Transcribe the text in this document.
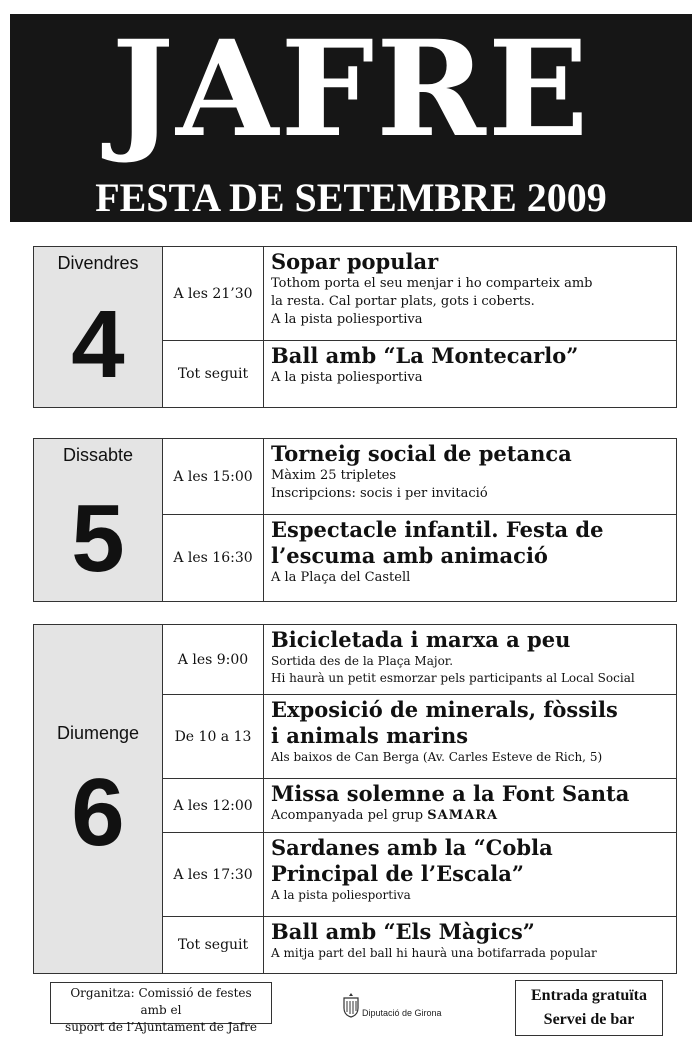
JAFRE
FESTA DE SETEMBRE 2009
Divendres
4	A les 21’30
Sopar popular
Tothom porta el seu menjar i ho comparteix amb
la resta. Cal portar plats, gots i coberts.
A la pista poliesportiva
Tot seguit
Ball amb “La Montecarlo”
A la pista poliesportiva
Dissabte
5
A les 15:00
Torneig social de petanca
Màxim 25 tripletes
Inscripcions: socis i per invitació
A les 16:30
Espectacle infantil. Festa de
l’escuma amb animació
A la Plaça del Castell
Diumenge
6
A les 9:00
Bicicletada i marxa a peu
Sortida des de la Plaça Major.
Hi haurà un petit esmorzar pels participants al Local Social
De 10 a 13
Exposició de minerals, fòssils
i animals marins
Als baixos de Can Berga (Av. Carles Esteve de Rich, 5)
A les 12:00 Missa solemne a la Font Santa
Acompanyada pel grup SAMARA
A les 17:30
Sardanes amb la “Cobla
Principal de l’Escala”
A la pista poliesportiva
Tot seguit
Ball amb “Els Màgics”
A mitja part del ball hi haurà una botifarrada popular
Organitza: Comissió de festes amb el
suport de l’Ajuntament de Jafre
Diputació de Girona
Entrada gratuïta
Servei de bar
